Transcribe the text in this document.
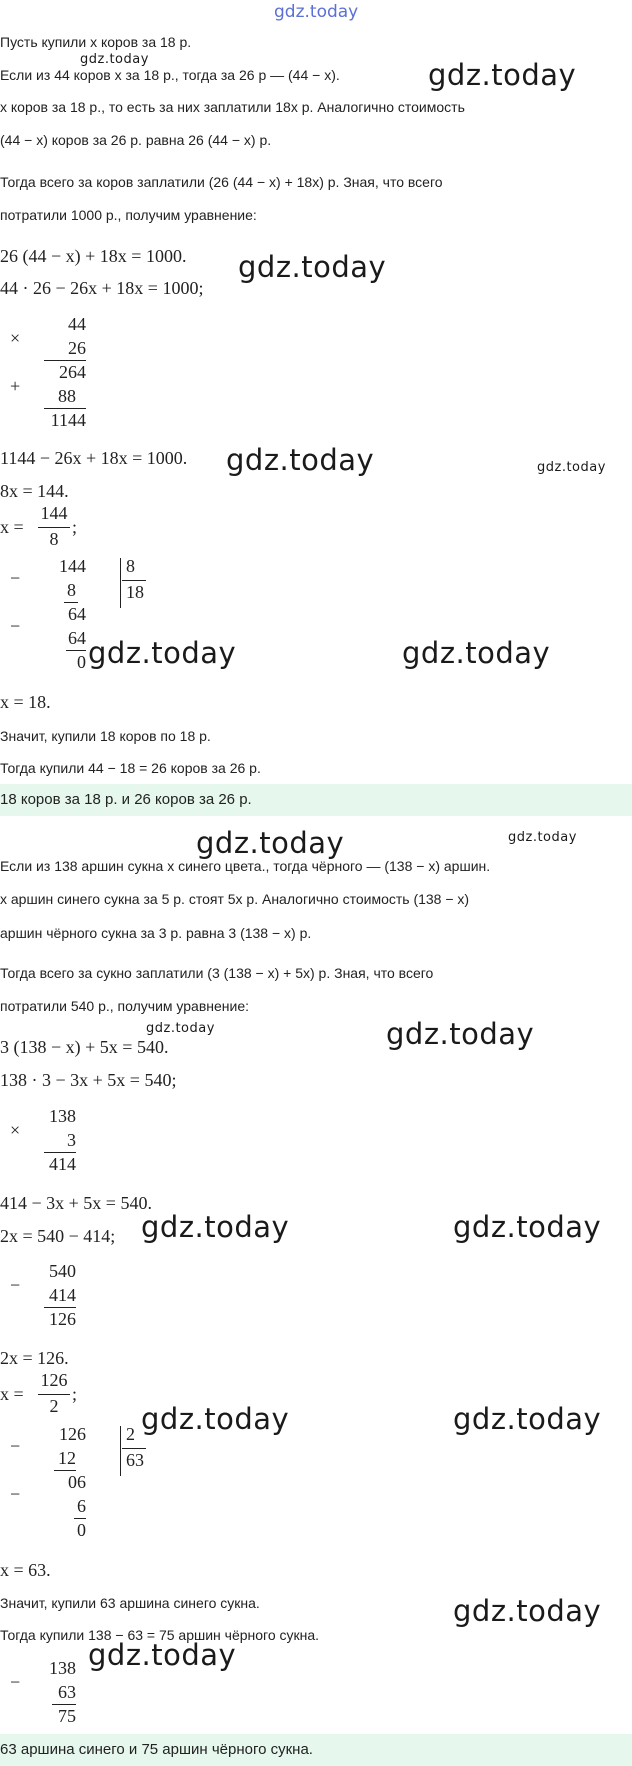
gdz.today
Пусть купили x коров за 18 р.
Если из 44 коров x за 18 р., тогда за 26 р — (44 − x).
x коров за 18 р., то есть за них заплатили 18x р. Аналогично стоимость
(44 − x) коров за 26 р. равна 26 (44 − x) р.
Тогда всего за коров заплатили (26 (44 − x) + 18x) р. Зная, что всего
потратили 1000 р., получим уравнение:
26 (44 − x) + 18x = 1000.
44 · 26 − 26x + 18x = 1000;
×
44
26
264
+	88
1144
1144 − 26x + 18x = 1000.
8x = 144.
x =
144
8
;
−
144
8
64
−
64
0
8
18
x = 18.
Значит, купили 18 коров по 18 р.
Тогда купили 44 − 18 = 26 коров за 26 р.
18 коров за 18 р. и 26 коров за 26 р.
Если из 138 аршин сукна x синего цвета., тогда чёрного — (138 − x) аршин.
x аршин синего сукна за 5 р. стоят 5x р. Аналогично стоимость (138 − x)
аршин чёрного сукна за 3 р. равна 3 (138 − x) р.
Тогда всего за сукно заплатили (3 (138 − x) + 5x) р. Зная, что всего
потратили 540 р., получим уравнение:
3 (138 − x) + 5x = 540.
138 · 3 − 3x + 5x = 540;
×
138
3
414
414 − 3x + 5x = 540.
2x = 540 − 414;
−
540
414
126
2x = 126.
x =
126
2
;
−
126
12
06
−
6
0
2
63
x = 63.
Значит, купили 63 аршина синего сукна.
Тогда купили 138 − 63 = 75 аршин чёрного сукна.
−
138
63
75
63 аршина синего и 75 аршин чёрного сукна.
gdz.today	gdz.today
gdz.today
gdz.today	gdz.today
gdz.today	gdz.today
gdz.today	gdz.today
gdz.today	gdz.today
gdz.today	gdz.today
gdz.today	gdz.today
gdz.today
gdz.today
